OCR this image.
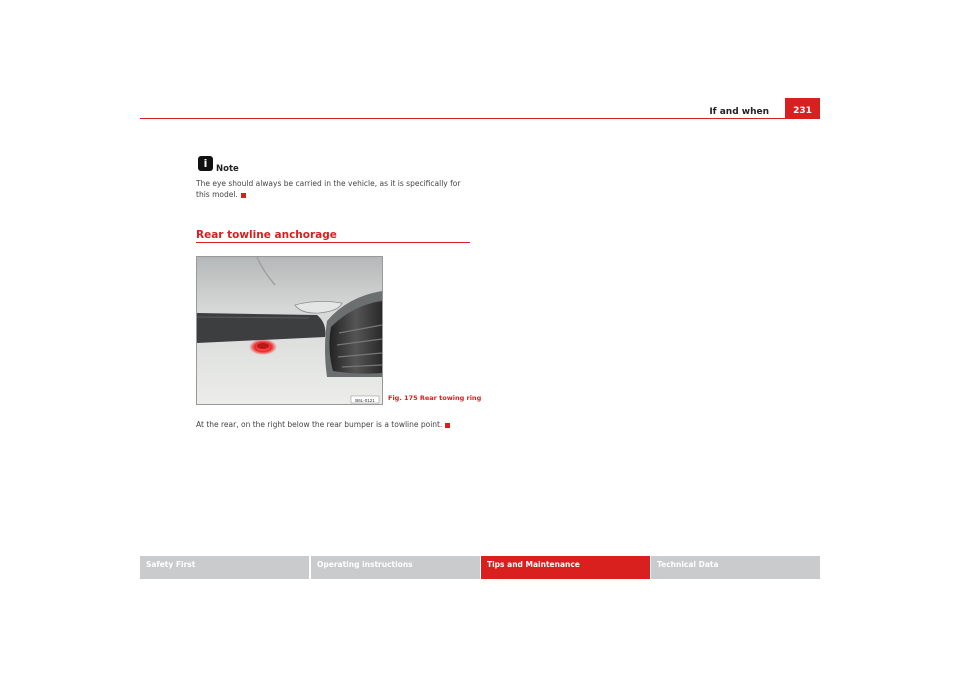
If and when	231
i	Note
The eye should always be carried in the vehicle, as it is specifically for this model.
Rear towline anchorage
B6L-0121 Fig. 175 Rear towing ring
At the rear, on the right below the rear bumper is a towline point.
Safety First	Operating instructions	Tips and Maintenance	Technical Data
